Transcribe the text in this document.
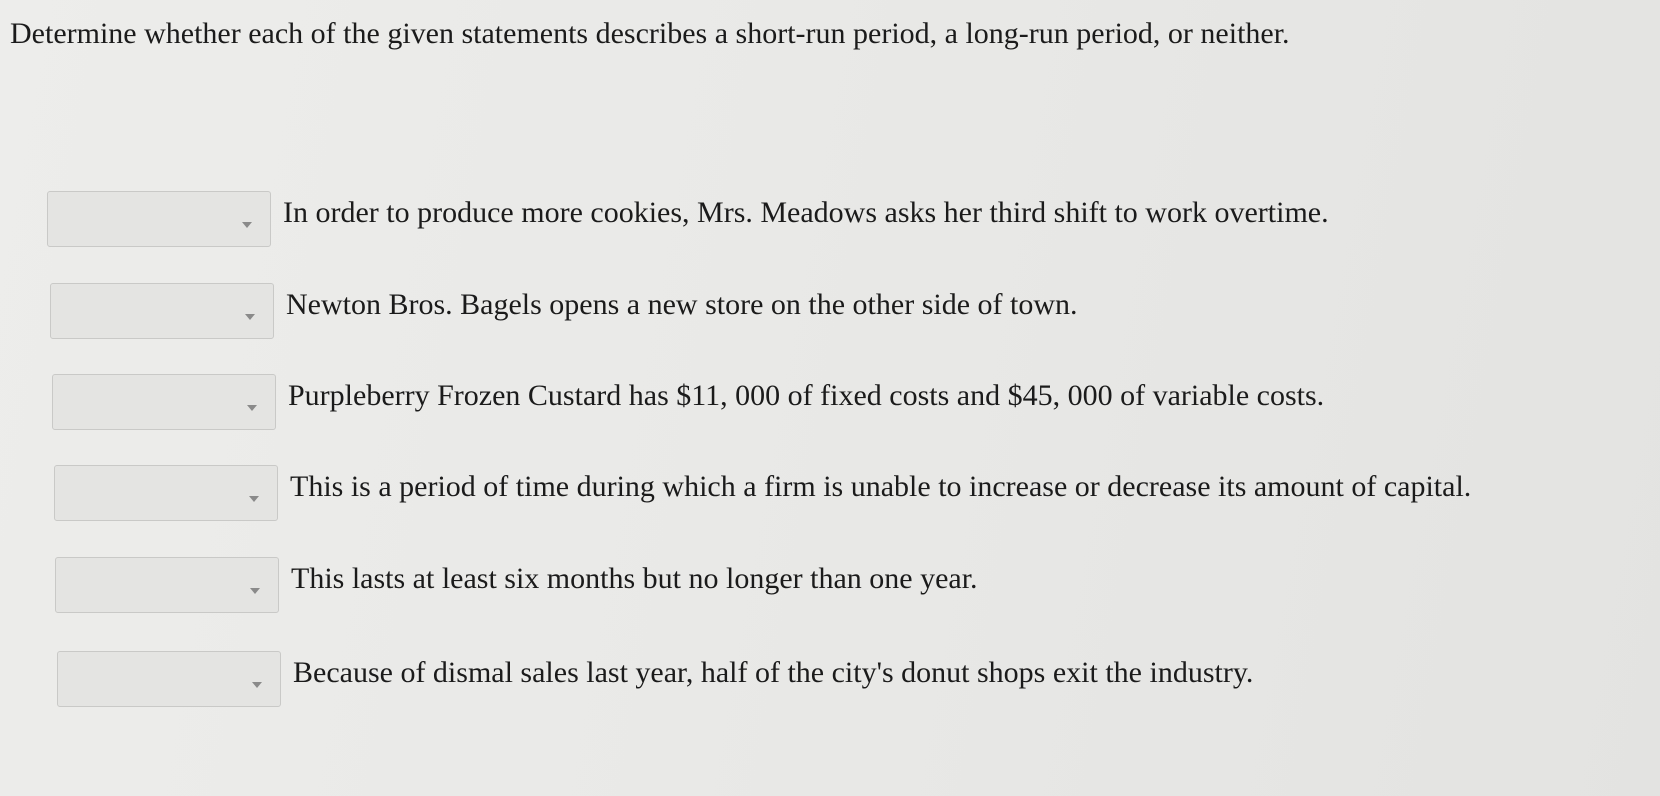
Determine whether each of the given statements describes a short-run period, a long-run period, or neither.
In order to produce more cookies, Mrs. Meadows asks her third shift to work overtime.
Newton Bros. Bagels opens a new store on the other side of town.
Purpleberry Frozen Custard has $11, 000 of fixed costs and $45, 000 of variable costs.
This is a period of time during which a firm is unable to increase or decrease its amount of capital.
This lasts at least six months but no longer than one year.
Because of dismal sales last year, half of the city's donut shops exit the industry.
